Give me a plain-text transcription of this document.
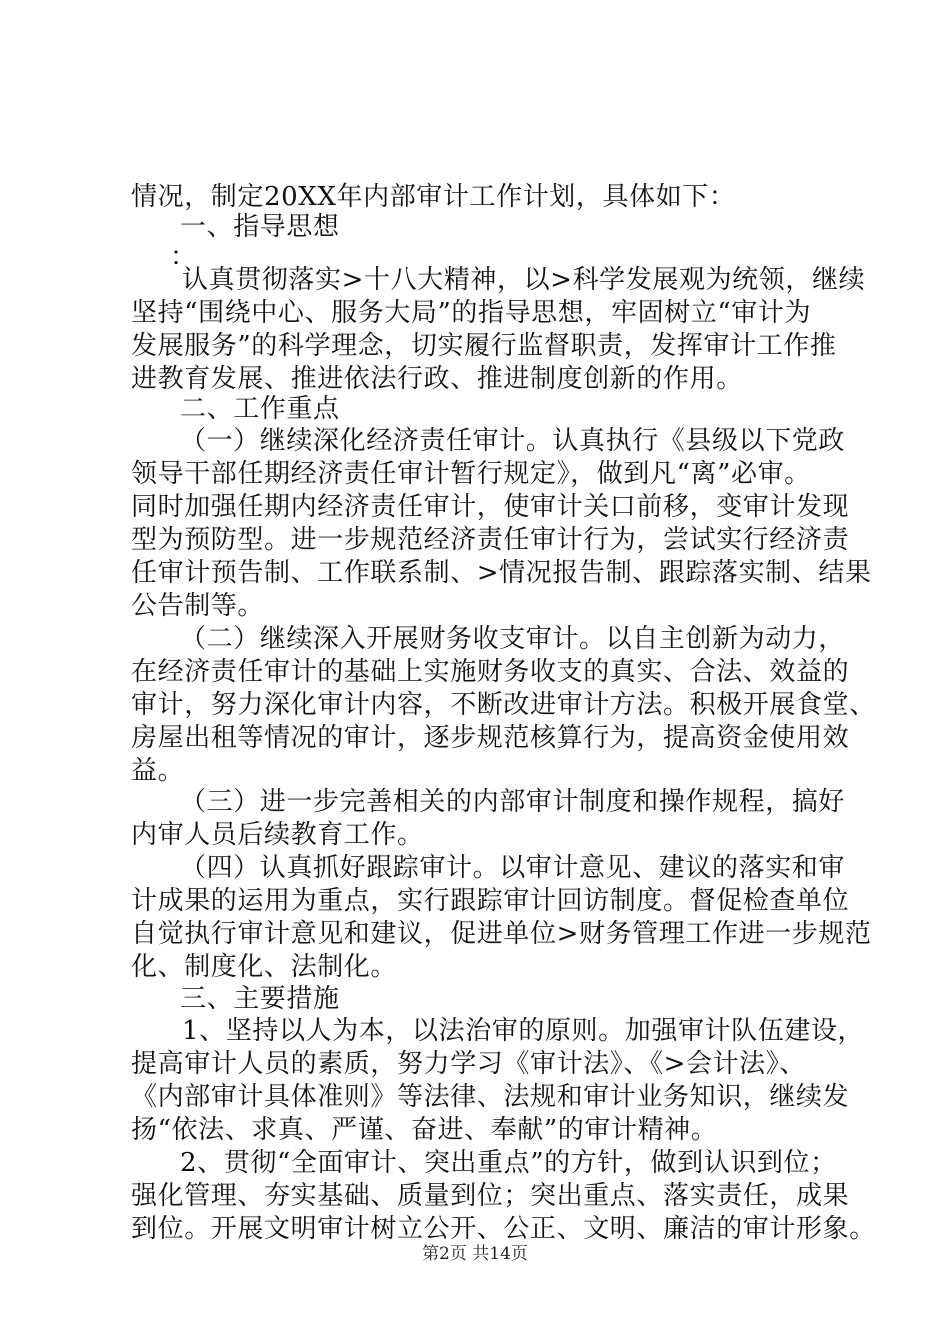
情况，制定20XX年内部审计工作计划，具体如下：
一、指导思想
：
认真贯彻落实>十八大精神，以>科学发展观为统领，继续
坚持“围绕中心、服务大局”的指导思想，牢固树立“审计为
发展服务”的科学理念，切实履行监督职责，发挥审计工作推
进教育发展、推进依法行政、推进制度创新的作用。
二、工作重点
（一）继续深化经济责任审计。认真执行《县级以下党政
领导干部任期经济责任审计暂行规定》，做到凡“离”必审。
同时加强任期内经济责任审计，使审计关口前移，变审计发现
型为预防型。进一步规范经济责任审计行为，尝试实行经济责
任审计预告制、工作联系制、>情况报告制、跟踪落实制、结果
公告制等。
（二）继续深入开展财务收支审计。以自主创新为动力，
在经济责任审计的基础上实施财务收支的真实、合法、效益的
审计，努力深化审计内容，不断改进审计方法。积极开展食堂、
房屋出租等情况的审计，逐步规范核算行为，提高资金使用效
益。
（三）进一步完善相关的内部审计制度和操作规程，搞好
内审人员后续教育工作。
（四）认真抓好跟踪审计。以审计意见、建议的落实和审
计成果的运用为重点，实行跟踪审计回访制度。督促检查单位
自觉执行审计意见和建议，促进单位>财务管理工作进一步规范
化、制度化、法制化。
三、主要措施
1、坚持以人为本，以法治审的原则。加强审计队伍建设，
提高审计人员的素质，努力学习《审计法》、《>会计法》、
《内部审计具体准则》等法律、法规和审计业务知识，继续发
扬“依法、求真、严谨、奋进、奉献”的审计精神。
2、贯彻“全面审计、突出重点”的方针，做到认识到位；
强化管理、夯实基础、质量到位；突出重点、落实责任，成果
到位。开展文明审计树立公开、公正、文明、廉洁的审计形象。
第2页 共14页
